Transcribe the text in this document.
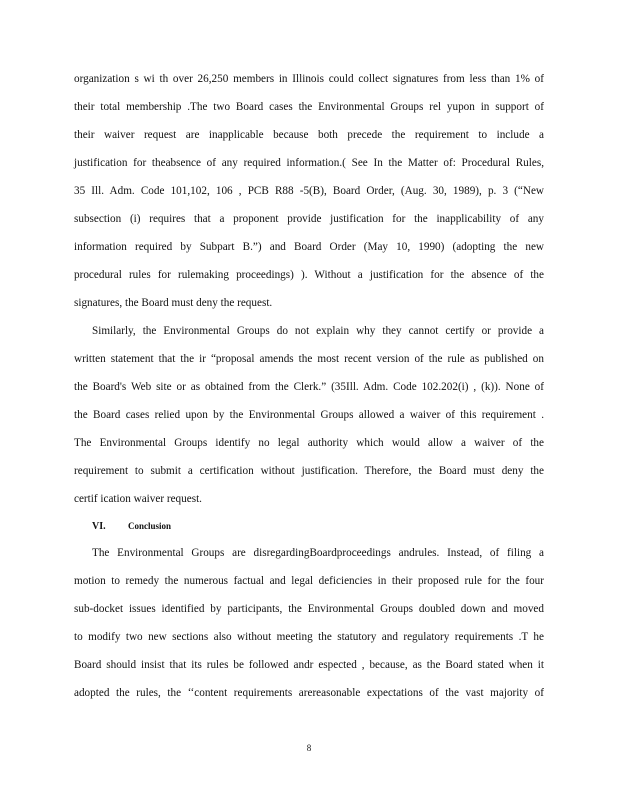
organization s wi th over 26,250 members in Illinois could collect signatures from less than 1% of
their total membership .The two Board cases the Environmental Groups rel yupon in support of
their waiver request are inapplicable because both precede the requirement to include a
justification for theabsence of any required information.( See In the Matter of: Procedural Rules,
35 Ill. Adm. Code 101,102, 106 , PCB R88 -5(B), Board Order, (Aug. 30, 1989), p. 3 (“New
subsection (i) requires that a proponent provide justification for the inapplicability of any
information required by Subpart B.”) and Board Order (May 10, 1990) (adopting the new
procedural rules for rulemaking proceedings) ). Without a justification for the absence of the
signatures, the Board must deny the request.
Similarly, the Environmental Groups do not explain why they cannot certify or provide a
written statement that the ir “proposal amends the most recent version of the rule as published on
the Board's Web site or as obtained from the Clerk.” (35Ill. Adm. Code 102.202(i) , (k)). None of
the Board cases relied upon by the Environmental Groups allowed a waiver of this requirement .
The Environmental Groups identify no legal authority which would allow a waiver of the
requirement to submit a certification without justification. Therefore, the Board must deny the
certif ication waiver request.
VI. Conclusion
The Environmental Groups are disregardingBoardproceedings andrules. Instead, of filing a
motion to remedy the numerous factual and legal deficiencies in their proposed rule for the four
sub-docket issues identified by participants, the Environmental Groups doubled down and moved
to modify two new sections also without meeting the statutory and regulatory requirements .T he
Board should insist that its rules be followed andr espected , because, as the Board stated when it
adopted the rules, the ‘‘content requirements arereasonable expectations of the vast majority of
8
